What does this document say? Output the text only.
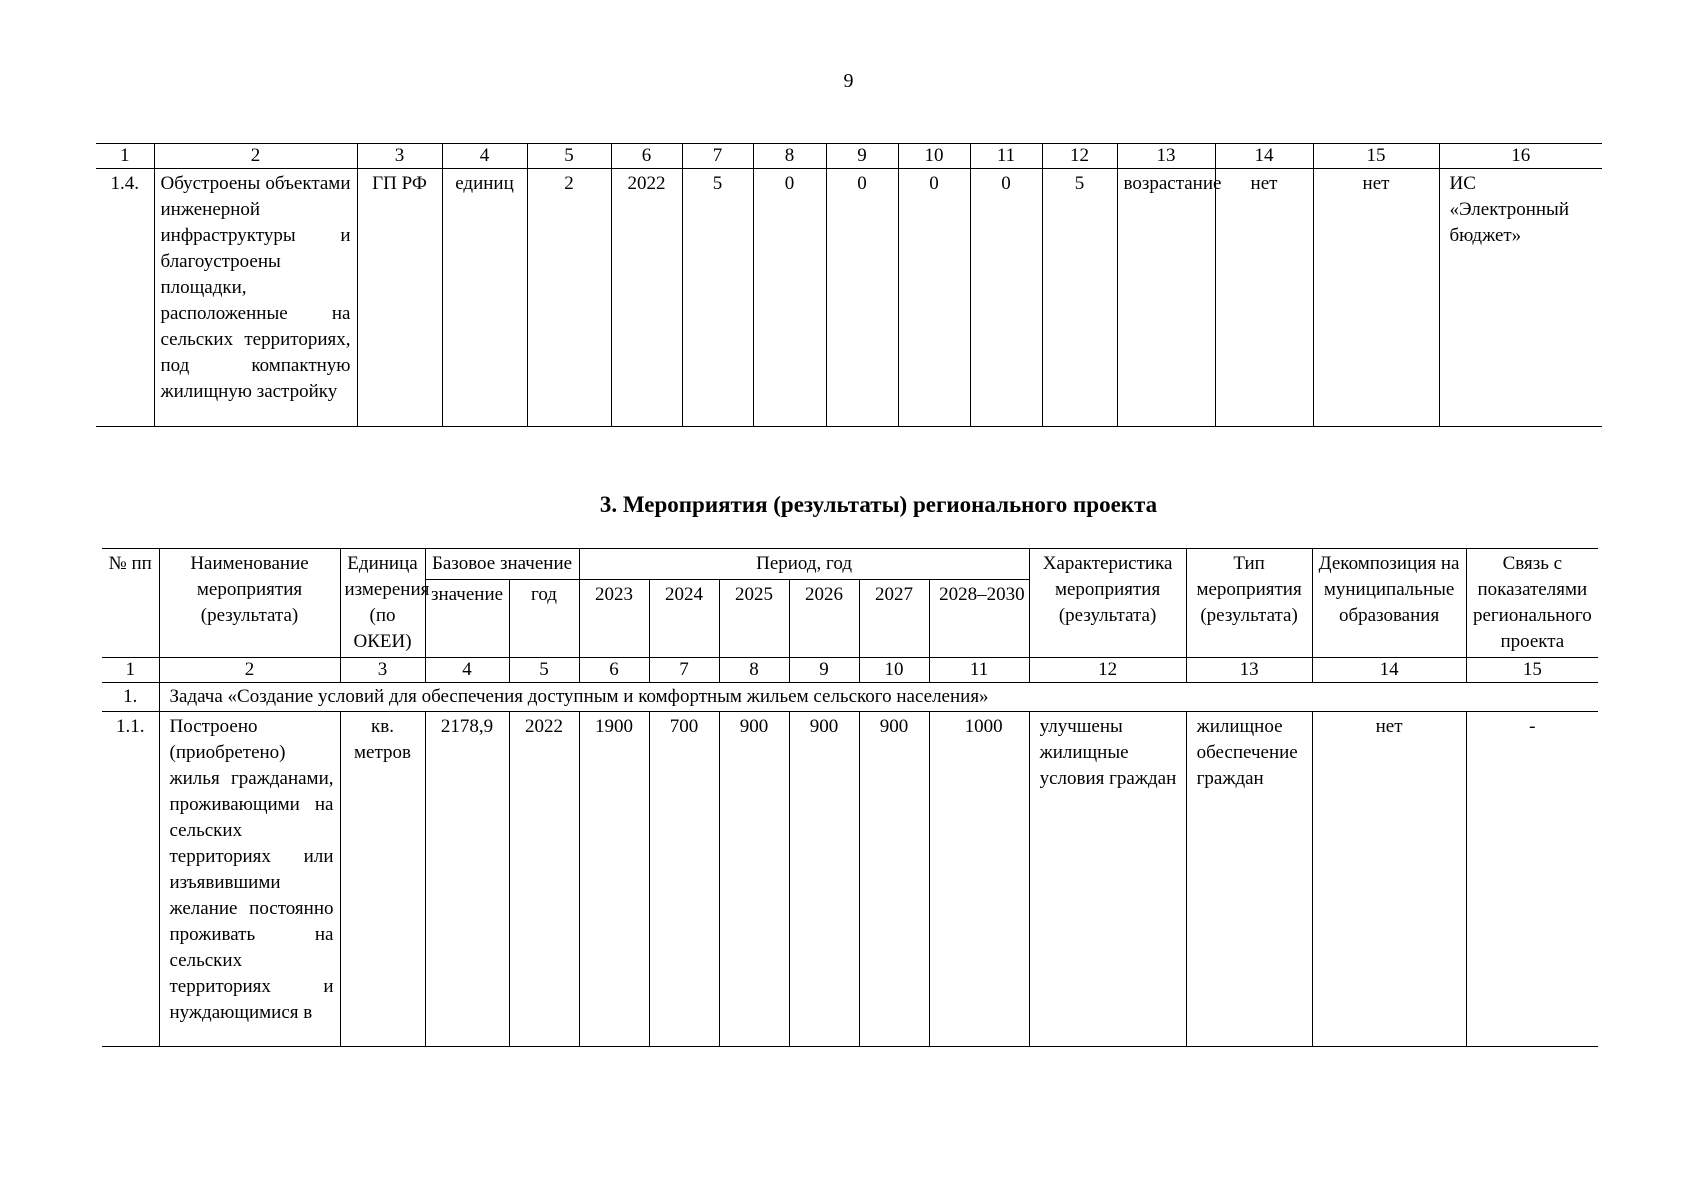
9
1	2	3	4	5	6	7	8	9	10	11	12	13	14	15	16
1.4.	Обустроены объектами инженерной инфраструктуры и благоустроены площадки, расположенные на сельских территориях, под компактную жилищную застройку	ГП РФ	единиц	2	2022	5	0	0	0	0	5	возрастание	нет	нет	ИС «Электронный бюджет»
3. Мероприятия (результаты) регионального проекта
№ пп	Наименование мероприятия (результата)	Единица измерения (по ОКЕИ)	Базовое значение		Период, год						Характеристика мероприятия (результата)	Тип мероприятия (результата)	Декомпозиция на муниципальные образования	Связь с показателями регионального проекта
			значение	год	2023	2024	2025	2026	2027	2028–2030				
1	2	3	4	5	6	7	8	9	10	11	12	13	14	15
1.	Задача «Создание условий для обеспечения доступным и комфортным жильем сельского населения»													
1.1.	Построено (приобретено) жилья гражданами, проживающими на сельских территориях или изъявившими желание постоянно проживать на сельских территориях и нуждающимися в	кв. метров	2178,9	2022	1900	700	900	900	900	1000	улучшены жилищные условия граждан	жилищное обеспечение граждан	нет	-
